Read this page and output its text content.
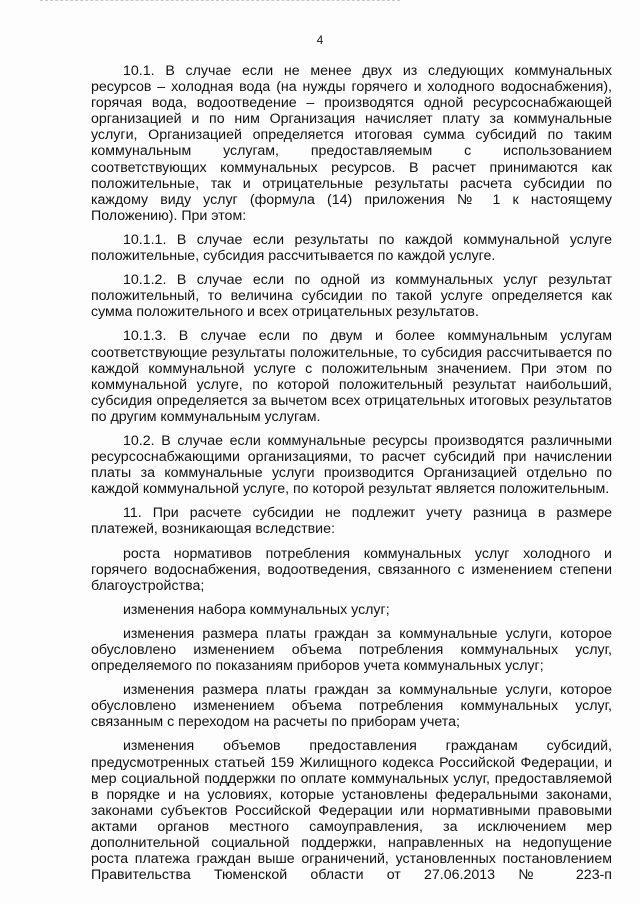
4

10.1. В случае если не менее двух из следующих коммунальных ресурсов – холодная вода (на нужды горячего и холодного водоснабжения), горячая вода, водоотведение – производятся одной ресурсоснабжающей организацией и по ним Организация начисляет плату за коммунальные услуги, Организацией определяется итоговая сумма субсидий по таким коммунальным услугам, предоставляемым с использованием соответствующих коммунальных ресурсов. В расчет принимаются как положительные, так и отрицательные результаты расчета субсидии по каждому виду услуг (формула (14) приложения № 1 к настоящему Положению). При этом:

10.1.1. В случае если результаты по каждой коммунальной услуге положительные, субсидия рассчитывается по каждой услуге.

10.1.2. В случае если по одной из коммунальных услуг результат положительный, то величина субсидии по такой услуге определяется как сумма положительного и всех отрицательных результатов.

10.1.3. В случае если по двум и более коммунальным услугам соответствующие результаты положительные, то субсидия рассчитывается по каждой коммунальной услуге с положительным значением. При этом по коммунальной услуге, по которой положительный результат наибольший, субсидия определяется за вычетом всех отрицательных итоговых результатов по другим коммунальным услугам.

10.2. В случае если коммунальные ресурсы производятся различными ресурсоснабжающими организациями, то расчет субсидий при начислении платы за коммунальные услуги производится Организацией отдельно по каждой коммунальной услуге, по которой результат является положительным.

11. При расчете субсидии не подлежит учету разница в размере платежей, возникающая вследствие:

роста нормативов потребления коммунальных услуг холодного и горячего водоснабжения, водоотведения, связанного с изменением степени благоустройства;

изменения набора коммунальных услуг;

изменения размера платы граждан за коммунальные услуги, которое обусловлено изменением объема потребления коммунальных услуг, определяемого по показаниям приборов учета коммунальных услуг;

изменения размера платы граждан за коммунальные услуги, которое обусловлено изменением объема потребления коммунальных услуг, связанным с переходом на расчеты по приборам учета;

изменения объемов предоставления гражданам субсидий, предусмотренных статьей 159 Жилищного кодекса Российской Федерации, и мер социальной поддержки по оплате коммунальных услуг, предоставляемой в порядке и на условиях, которые установлены федеральными законами, законами субъектов Российской Федерации или нормативными правовыми актами органов местного самоуправления, за исключением мер дополнительной социальной поддержки, направленных на недопущение роста платежа граждан выше ограничений, установленных постановлением Правительства Тюменской области от 27.06.2013 № 223-п
